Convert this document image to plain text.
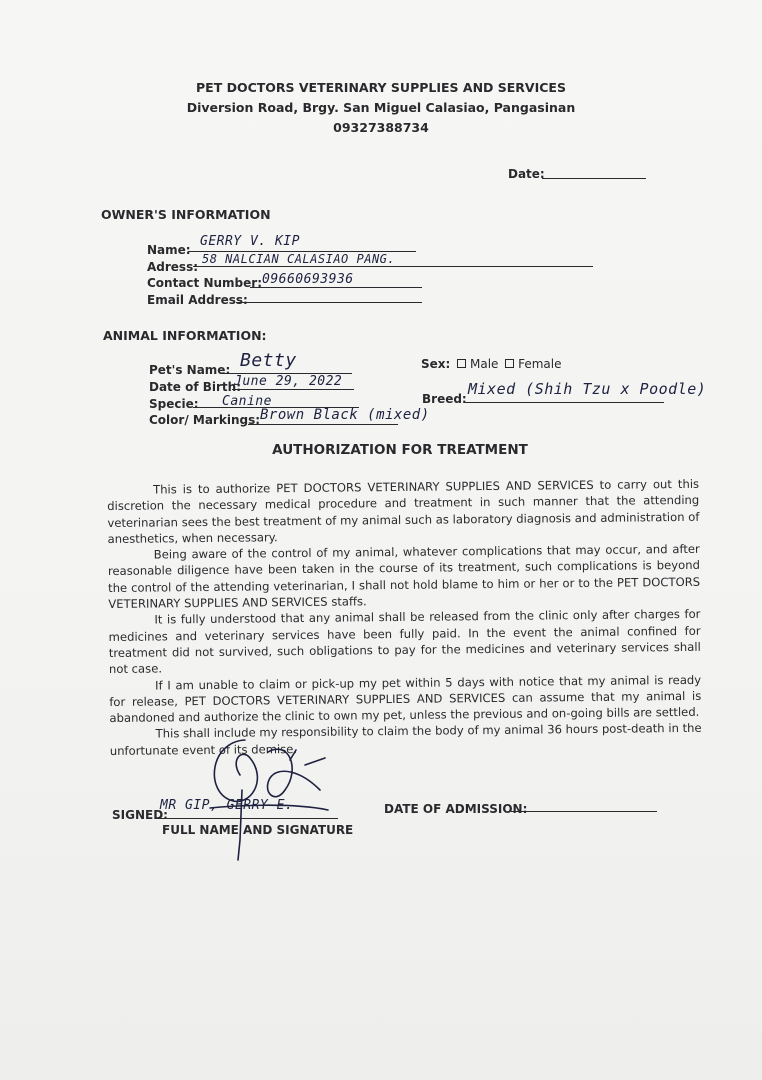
PET DOCTORS VETERINARY SUPPLIES AND SERVICES
Diversion Road, Brgy. San Miguel Calasiao, Pangasinan
09327388734
Date:
OWNER'S INFORMATION
Name:
GERRY V. KIP
Adress:
58 NALCIAN CALASIAO PANG.
Contact Number: 09660693936
Email Address:
ANIMAL INFORMATION:
Pet's Name: Betty
Date of Birth:
June 29, 2022
Specie: Canine
Color/ Markings: Brown Black (mixed)
Sex: Male Female
Breed:
Mixed (Shih Tzu x Poodle)
AUTHORIZATION FOR TREATMENT

This is to authorize PET DOCTORS VETERINARY SUPPLIES AND SERVICES to carry out this discretion the necessary medical procedure and treatment in such manner that the attending veterinarian sees the best treatment of my animal such as laboratory diagnosis and administration of anesthetics, when necessary.

Being aware of the control of my animal, whatever complications that may occur, and after reasonable diligence have been taken in the course of its treatment, such complications is beyond the control of the attending veterinarian, I shall not hold blame to him or her or to the PET DOCTORS VETERINARY SUPPLIES AND SERVICES staffs.

It is fully understood that any animal shall be released from the clinic only after charges for medicines and veterinary services have been fully paid. In the event the animal confined for treatment did not survived, such obligations to pay for the medicines and veterinary services shall not case.

If I am unable to claim or pick-up my pet within 5 days with notice that my animal is ready for release, PET DOCTORS VETERINARY SUPPLIES AND SERVICES can assume that my animal is abandoned and authorize the clinic to own my pet, unless the previous and on-going bills are settled.

This shall include my responsibility to claim the body of my animal 36 hours post-death in the unfortunate event of its demise.

SIGNED:
MR GIP, GERRY E.
FULL NAME AND SIGNATURE
DATE OF ADMISSION:
